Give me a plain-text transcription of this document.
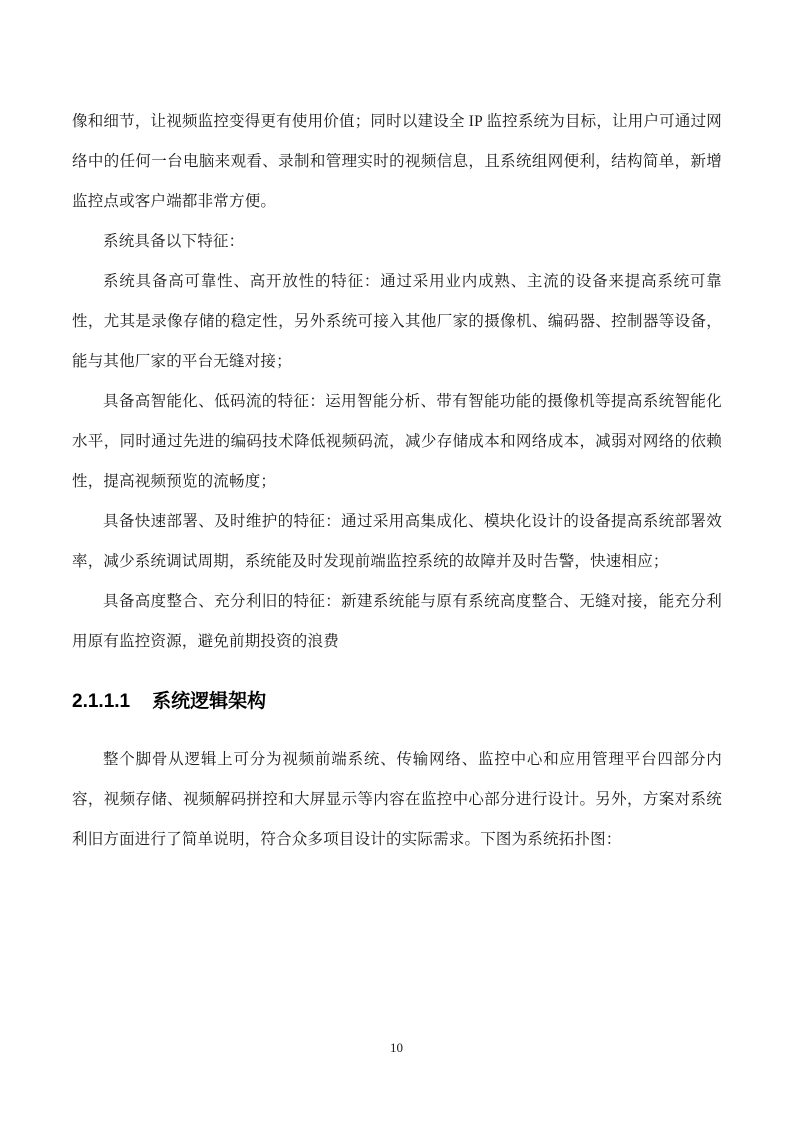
像和细节，让视频监控变得更有使用价值；同时以建设全 IP 监控系统为目标，让用户可通过网络中的任何一台电脑来观看、录制和管理实时的视频信息，且系统组网便利，结构简单，新增监控点或客户端都非常方便。

系统具备以下特征：

系统具备高可靠性、高开放性的特征：通过采用业内成熟、主流的设备来提高系统可靠性，尤其是录像存储的稳定性，另外系统可接入其他厂家的摄像机、编码器、控制器等设备，能与其他厂家的平台无缝对接；

具备高智能化、低码流的特征：运用智能分析、带有智能功能的摄像机等提高系统智能化水平，同时通过先进的编码技术降低视频码流，减少存储成本和网络成本，减弱对网络的依赖性，提高视频预览的流畅度；

具备快速部署、及时维护的特征：通过采用高集成化、模块化设计的设备提高系统部署效率，减少系统调试周期，系统能及时发现前端监控系统的故障并及时告警，快速相应；

具备高度整合、充分利旧的特征：新建系统能与原有系统高度整合、无缝对接，能充分利用原有监控资源，避免前期投资的浪费

2.1.1.1 系统逻辑架构

整个脚骨从逻辑上可分为视频前端系统、传输网络、监控中心和应用管理平台四部分内容，视频存储、视频解码拼控和大屏显示等内容在监控中心部分进行设计。另外，方案对系统利旧方面进行了简单说明，符合众多项目设计的实际需求。下图为系统拓扑图：

10
